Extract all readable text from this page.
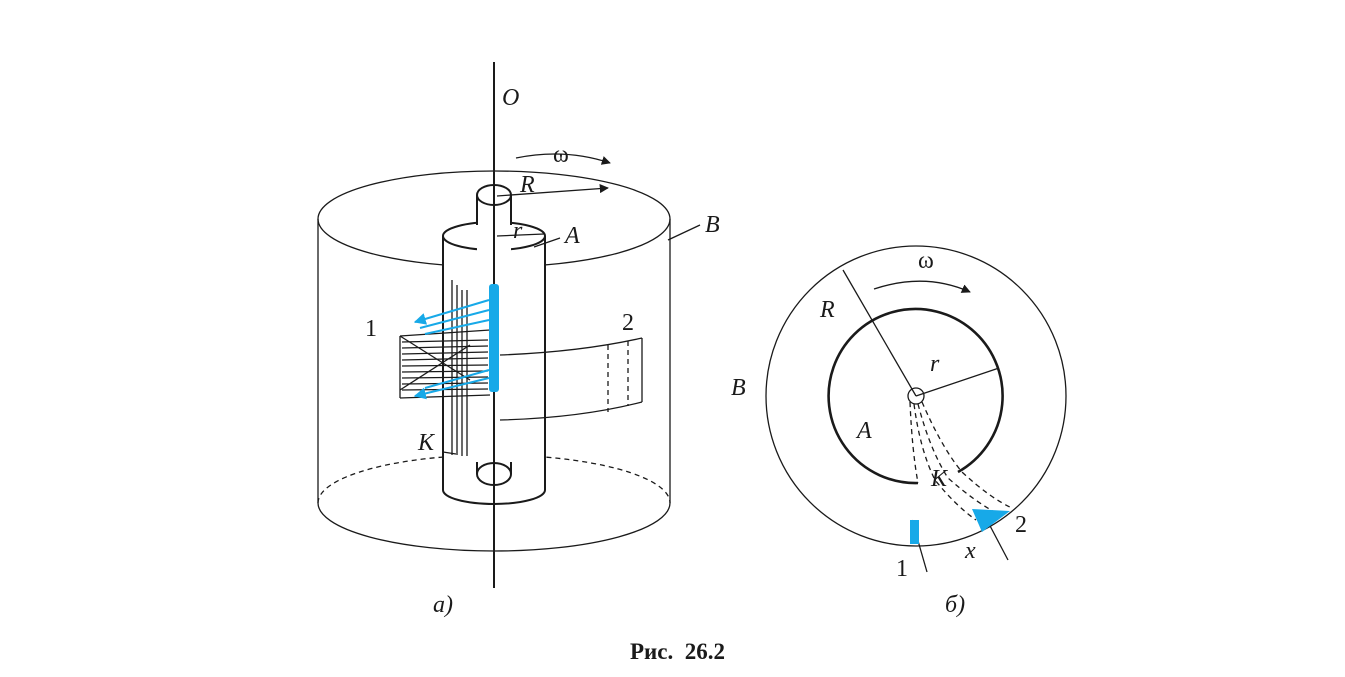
O
ω
R
r A	B
1	2
K
а)
ω
R
r
B
A
K
x
2
1
б)
Рис.  26.2
